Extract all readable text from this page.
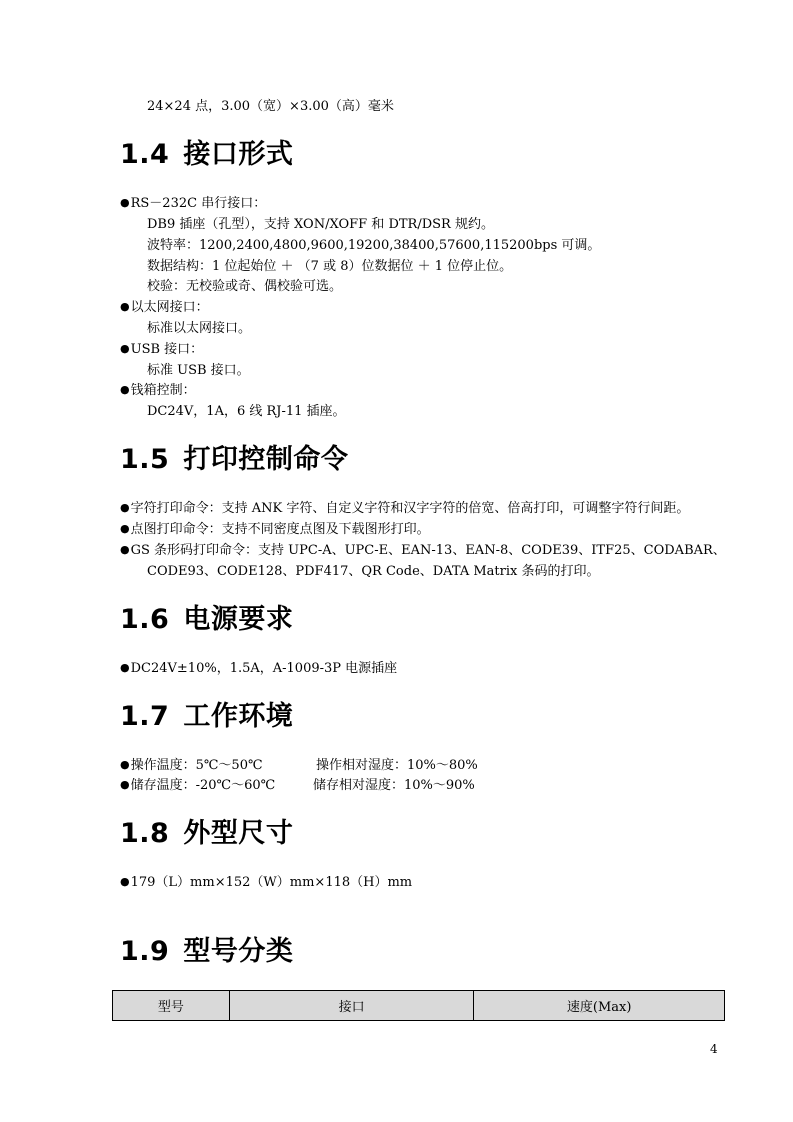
24×24 点，3.00（宽）×3.00（高）毫米
1.4 接口形式
● RS－232C 串行接口：
DB9 插座（孔型），支持 XON/XOFF 和 DTR/DSR 规约。
波特率：1200,2400,4800,9600,19200,38400,57600,115200bps 可调。
数据结构：1 位起始位 ＋ （7 或 8）位数据位 ＋ 1 位停止位。
校验：无校验或奇、偶校验可选。
● 以太网接口：
标准以太网接口。
● USB 接口：
标准 USB 接口。
● 钱箱控制：
DC24V，1A，6 线 RJ-11 插座。
1.5 打印控制命令
● 字符打印命令：支持 ANK 字符、自定义字符和汉字字符的倍宽、倍高打印，可调整字符行间距。
● 点图打印命令：支持不同密度点图及下载图形打印。
● GS 条形码打印命令：支持 UPC-A、UPC-E、EAN-13、EAN-8、CODE39、ITF25、CODABAR、
CODE93、CODE128、PDF417、QR Code、DATA Matrix 条码的打印。
1.6 电源要求
● DC24V±10%，1.5A，A-1009-3P 电源插座
1.7 工作环境
● 操作温度：5℃～50℃	操作相对湿度：10%～80%
● 储存温度：-20℃～60℃	储存相对湿度：10%～90%
1.8 外型尺寸
● 179（L）mm×152（W）mm×118（H）mm
1.9 型号分类
型号	接口	速度(Max)
4
